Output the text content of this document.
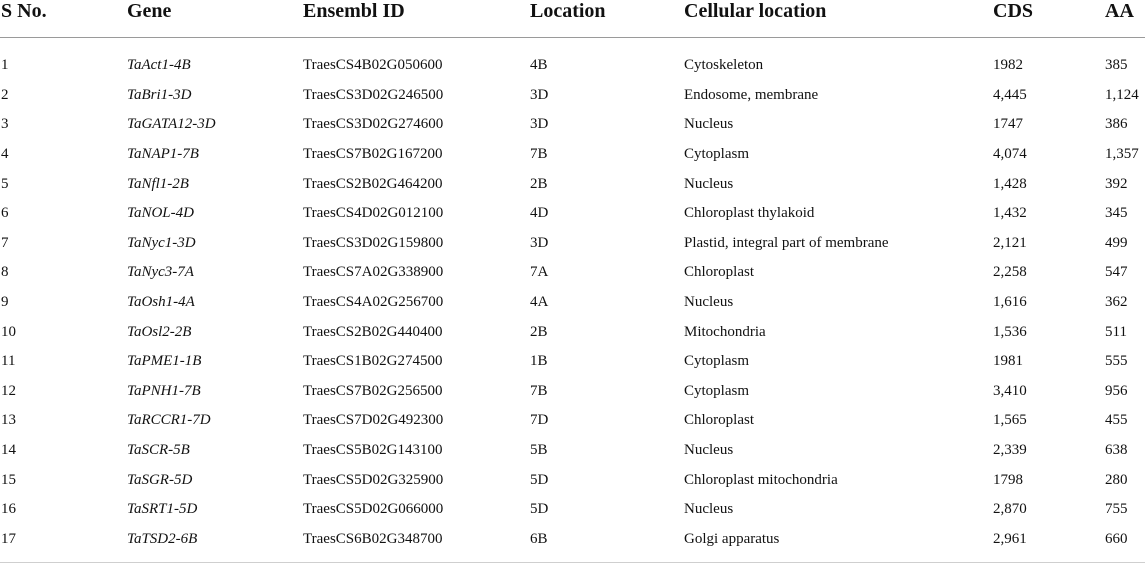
S No.	Gene	Ensembl ID	Location	Cellular location	CDS	AA

1	TaAct1-4B	TraesCS4B02G050600	4B	Cytoskeleton	1982	385
2	TaBri1-3D	TraesCS3D02G246500	3D	Endosome, membrane	4,445	1,124
3	TaGATA12-3D	TraesCS3D02G274600	3D	Nucleus	1747	386
4	TaNAP1-7B	TraesCS7B02G167200	7B	Cytoplasm	4,074	1,357
5	TaNfl1-2B	TraesCS2B02G464200	2B	Nucleus	1,428	392
6	TaNOL-4D	TraesCS4D02G012100	4D	Chloroplast thylakoid	1,432	345
7	TaNyc1-3D	TraesCS3D02G159800	3D	Plastid, integral part of membrane	2,121	499
8	TaNyc3-7A	TraesCS7A02G338900	7A	Chloroplast	2,258	547
9	TaOsh1-4A	TraesCS4A02G256700	4A	Nucleus	1,616	362
10	TaOsl2-2B	TraesCS2B02G440400	2B	Mitochondria	1,536	511
11	TaPME1-1B	TraesCS1B02G274500	1B	Cytoplasm	1981	555
12	TaPNH1-7B	TraesCS7B02G256500	7B	Cytoplasm	3,410	956
13	TaRCCR1-7D	TraesCS7D02G492300	7D	Chloroplast	1,565	455
14	TaSCR-5B	TraesCS5B02G143100	5B	Nucleus	2,339	638
15	TaSGR-5D	TraesCS5D02G325900	5D	Chloroplast mitochondria	1798	280
16	TaSRT1-5D	TraesCS5D02G066000	5D	Nucleus	2,870	755
17	TaTSD2-6B	TraesCS6B02G348700	6B	Golgi apparatus	2,961	660
